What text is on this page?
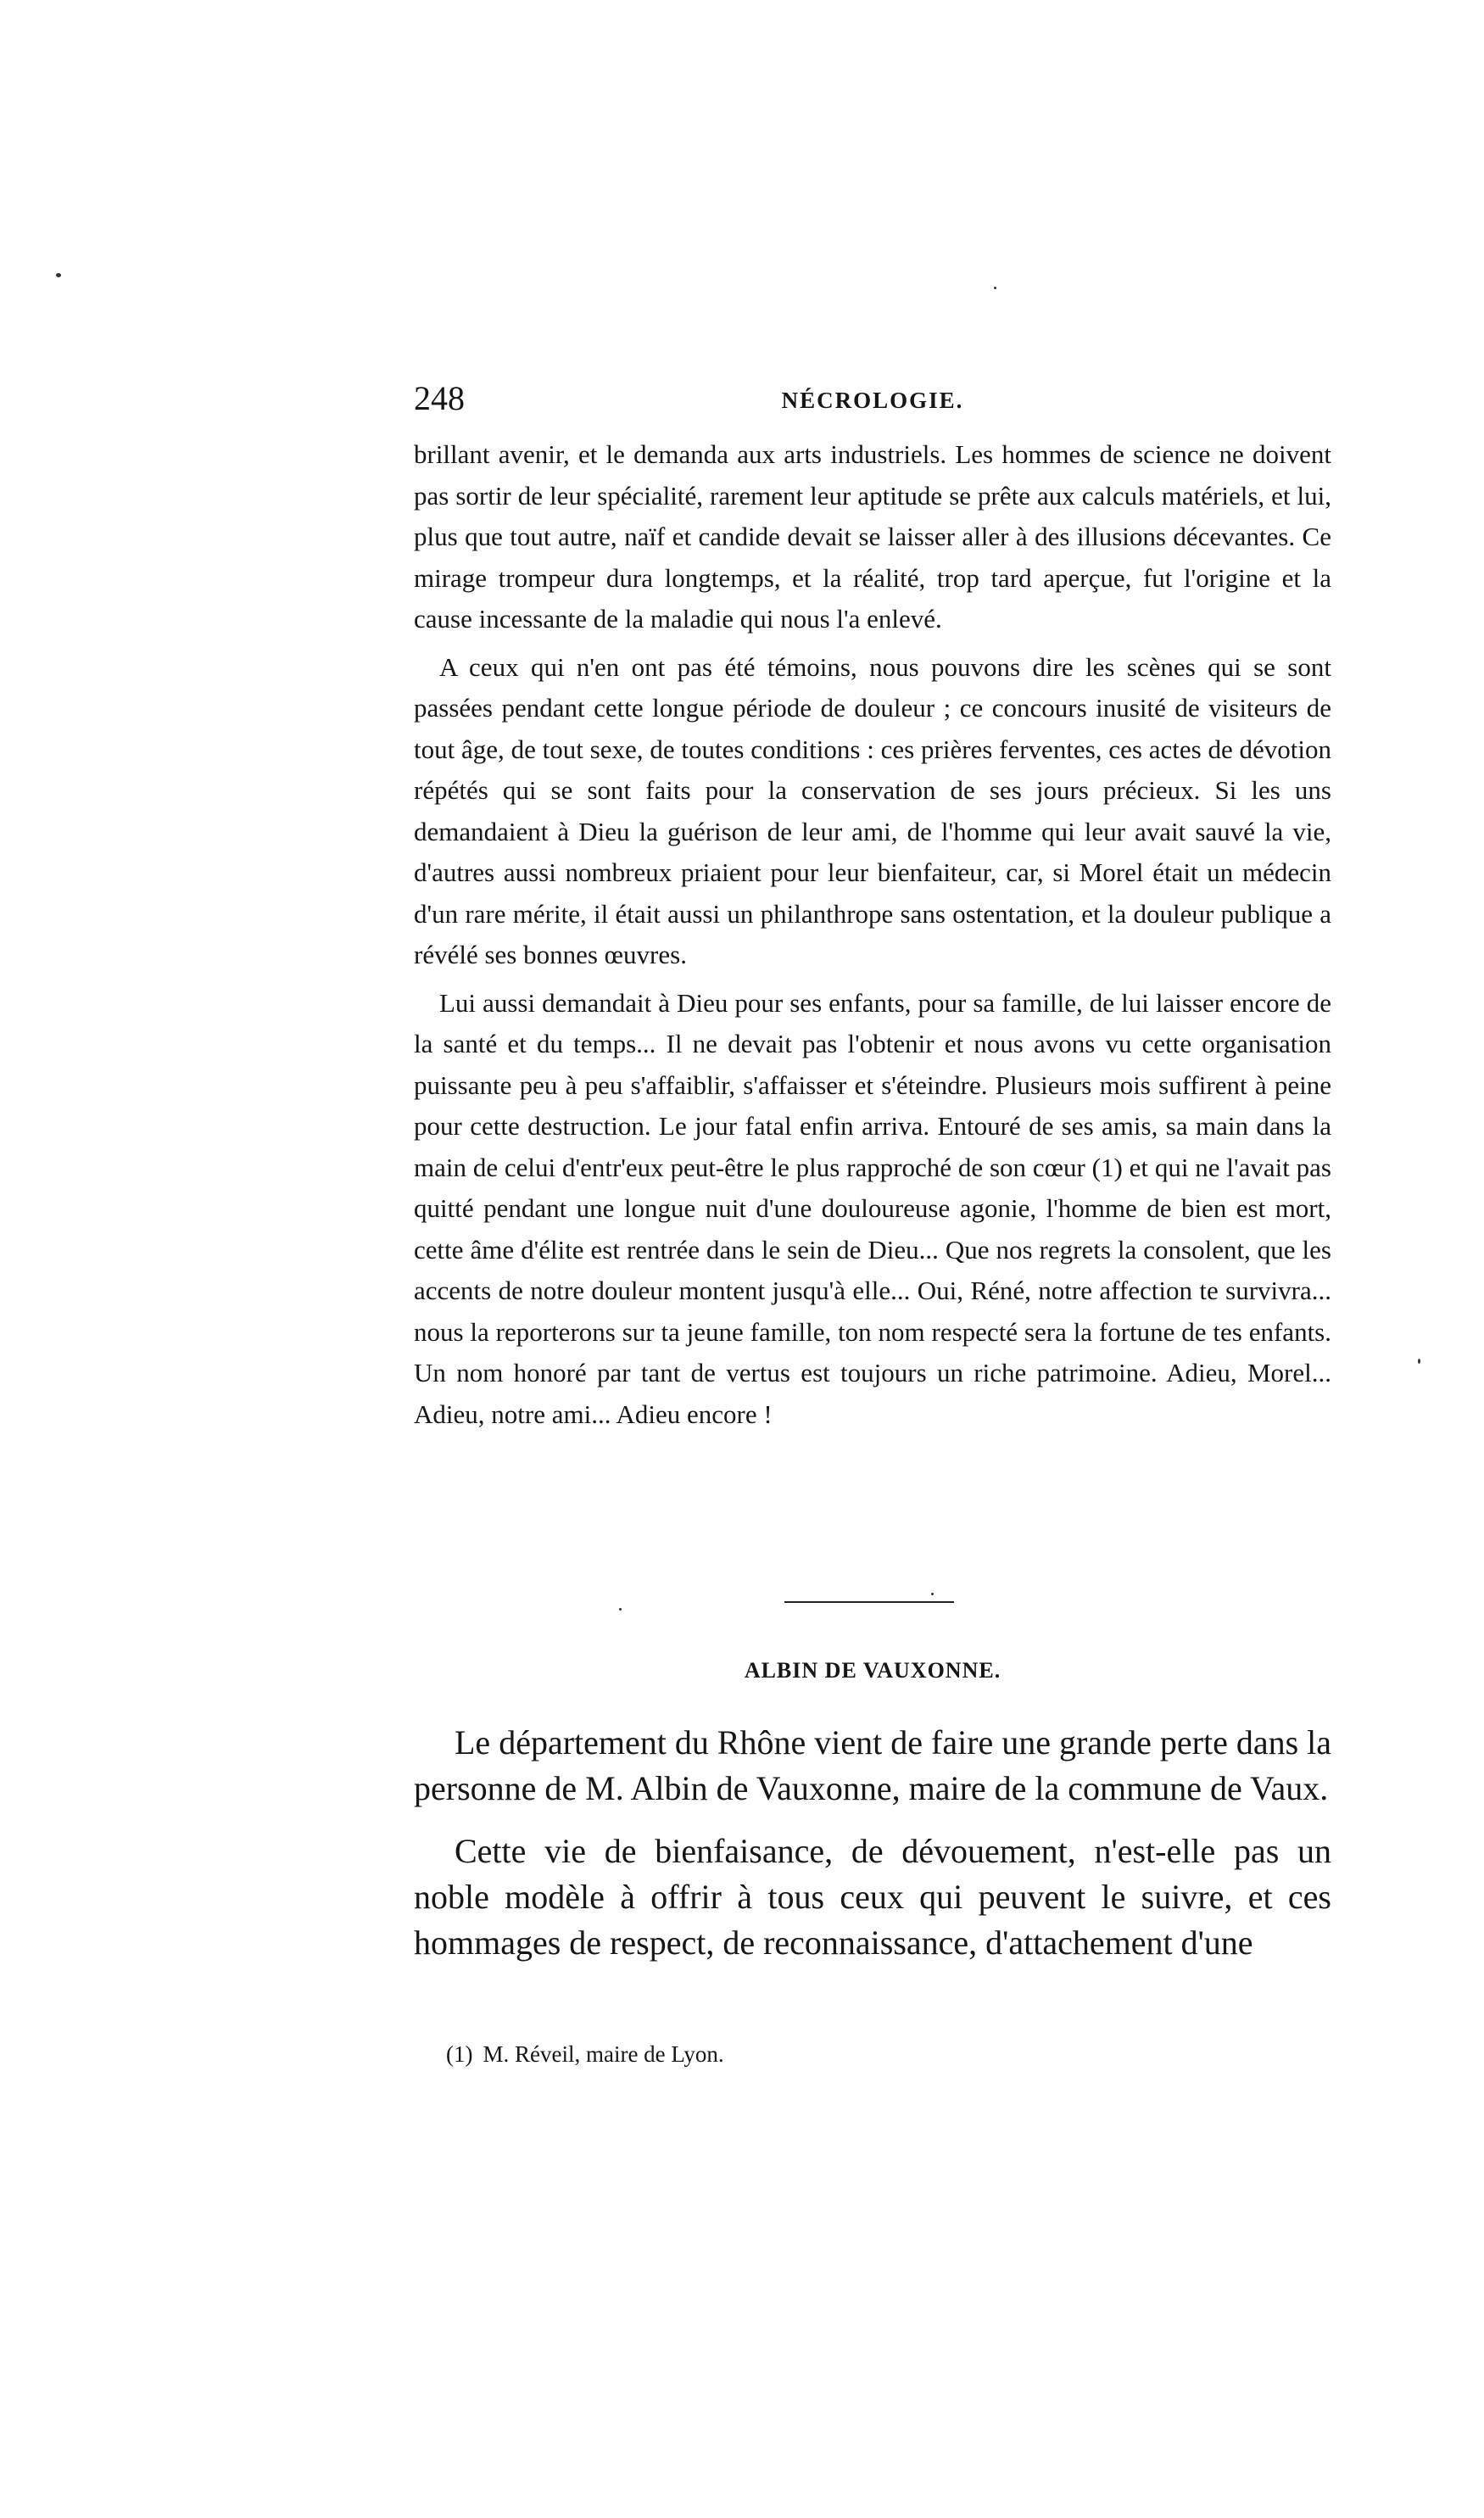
248	NÉCROLOGIE.

brillant avenir, et le demanda aux arts industriels. Les hommes de science ne doivent pas sortir de leur spécialité, rarement leur aptitude se prête aux calculs matériels, et lui, plus que tout autre, naïf et candide devait se laisser aller à des illusions décevantes. Ce mirage trompeur dura longtemps, et la réalité, trop tard aperçue, fut l'origine et la cause incessante de la maladie qui nous l'a enlevé.

A ceux qui n'en ont pas été témoins, nous pouvons dire les scènes qui se sont passées pendant cette longue période de douleur ; ce concours inusité de visiteurs de tout âge, de tout sexe, de toutes conditions : ces prières ferventes, ces actes de dévotion répétés qui se sont faits pour la conservation de ses jours précieux. Si les uns demandaient à Dieu la guérison de leur ami, de l'homme qui leur avait sauvé la vie, d'autres aussi nombreux priaient pour leur bienfaiteur, car, si Morel était un médecin d'un rare mérite, il était aussi un philanthrope sans ostentation, et la douleur publique a révélé ses bonnes œuvres.

Lui aussi demandait à Dieu pour ses enfants, pour sa famille, de lui laisser encore de la santé et du temps... Il ne devait pas l'obtenir et nous avons vu cette organisation puissante peu à peu s'affaiblir, s'affaisser et s'éteindre. Plusieurs mois suffirent à peine pour cette destruction. Le jour fatal enfin arriva. Entouré de ses amis, sa main dans la main de celui d'entr'eux peut-être le plus rapproché de son cœur (1) et qui ne l'avait pas quitté pendant une longue nuit d'une douloureuse agonie, l'homme de bien est mort, cette âme d'élite est rentrée dans le sein de Dieu... Que nos regrets la consolent, que les accents de notre douleur montent jusqu'à elle... Oui, Réné, notre affection te survivra... nous la reporterons sur ta jeune famille, ton nom respecté sera la fortune de tes enfants. Un nom honoré par tant de vertus est toujours un riche patrimoine. Adieu, Morel... Adieu, notre ami... Adieu encore !

ALBIN DE VAUXONNE.

Le département du Rhône vient de faire une grande perte dans la personne de M. Albin de Vauxonne, maire de la commune de Vaux.

Cette vie de bienfaisance, de dévouement, n'est-elle pas un noble modèle à offrir à tous ceux qui peuvent le suivre, et ces hommages de respect, de reconnaissance, d'attachement d'une

(1) M. Réveil, maire de Lyon.
